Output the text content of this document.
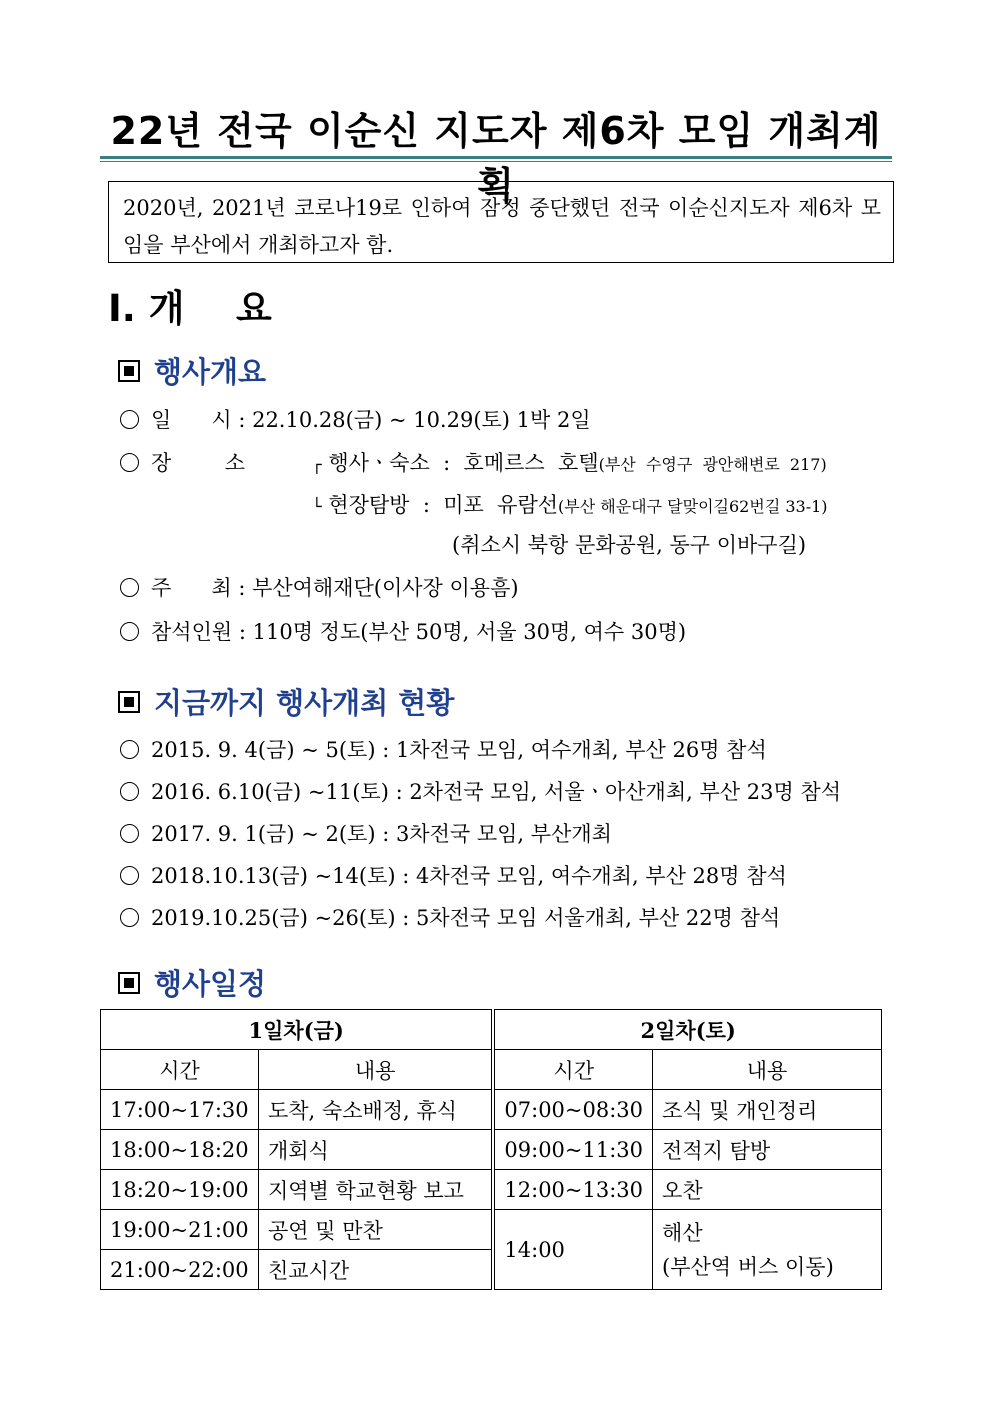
22년 전국 이순신 지도자 제6차 모임 개최계획
2020년, 2021년 코로나19로 인하여 잠정 중단했던 전국 이순신지도자 제6차 모임을 부산에서 개최하고자 함.
Ⅰ. 개    요
행사개요
일      시 : 22.10.28(금) ~ 10.29(토) 1박 2일
장        소	┌ 행사ㆍ숙소  :  호메르스  호텔(부산  수영구  광안해변로  217)
└ 현장탐방  :  미포  유람선(부산 해운대구 달맞이길62번길 33-1)
(취소시 북항 문화공원, 동구 이바구길)
주      최 : 부산여해재단(이사장 이용흠)
참석인원 : 110명 정도(부산 50명, 서울 30명, 여수 30명)
지금까지 행사개최 현황
2015. 9. 4(금) ~ 5(토) : 1차전국 모임, 여수개최, 부산 26명 참석
2016. 6.10(금) ~11(토) : 2차전국 모임, 서울ㆍ아산개최, 부산 23명 참석
2017. 9. 1(금) ~ 2(토) : 3차전국 모임, 부산개최
2018.10.13(금) ~14(토) : 4차전국 모임, 여수개최, 부산 28명 참석
2019.10.25(금) ~26(토) : 5차전국 모임 서울개최, 부산 22명 참석
행사일정
1일차(금)		2일차(토)	
시간	내용	시간	내용
17:00~17:30	도착, 숙소배정, 휴식	07:00~08:30	조식 및 개인정리
18:00~18:20	개회식	09:00~11:30	전적지 탐방
18:20~19:00	지역별 학교현황 보고	12:00~13:30	오찬
19:00~21:00	공연 및 만찬	14:00	해산
(부산역 버스 이동)

21:00~22:00	친교시간		
